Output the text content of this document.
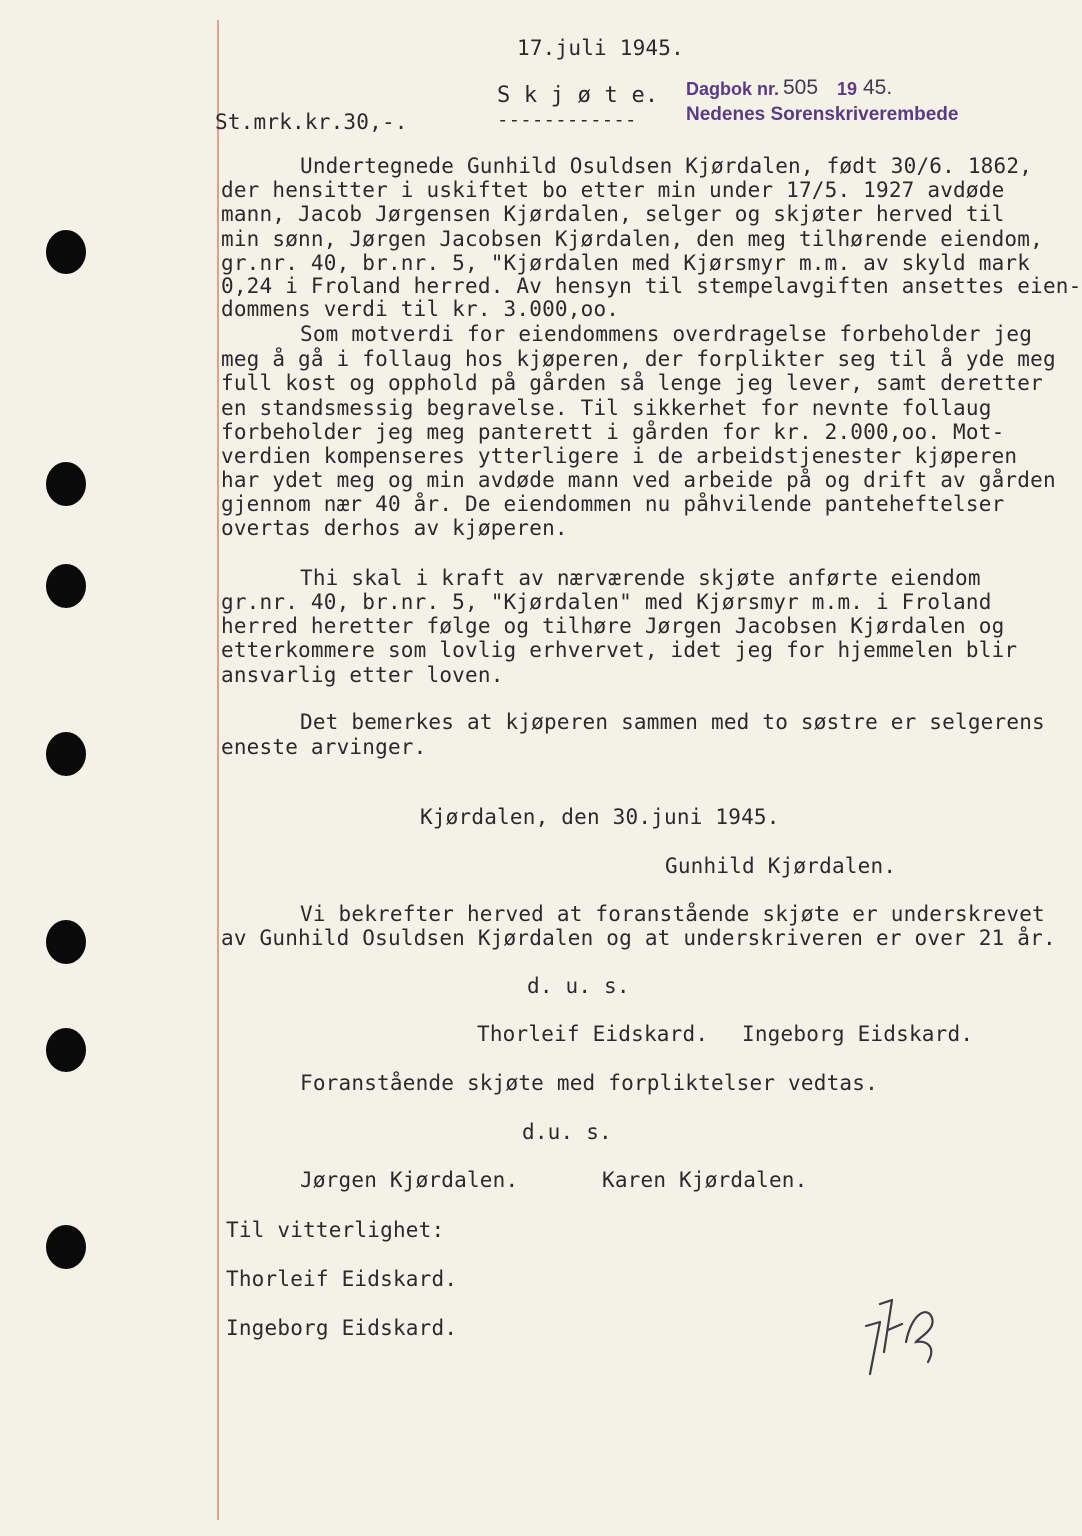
17.juli 1945.
S k j ø t e.
------------
St.mrk.kr.30,-.
Dagbok nr. 505 19 45.
Nedenes Sorenskriverembede
Undertegnede Gunhild Osuldsen Kjørdalen, født 30/6. 1862,
der hensitter i uskiftet bo etter min under 17/5. 1927 avdøde
mann, Jacob Jørgensen Kjørdalen, selger og skjøter herved til
min sønn, Jørgen Jacobsen Kjørdalen, den meg tilhørende eiendom,
gr.nr. 40, br.nr. 5, "Kjørdalen med Kjørsmyr m.m. av skyld mark
0,24 i Froland herred. Av hensyn til stempelavgiften ansettes eien-
dommens verdi til kr. 3.000,oo.
Som motverdi for eiendommens overdragelse forbeholder jeg
meg å gå i follaug hos kjøperen, der forplikter seg til å yde meg
full kost og opphold på gården så lenge jeg lever, samt deretter
en standsmessig begravelse. Til sikkerhet for nevnte follaug
forbeholder jeg meg panterett i gården for kr. 2.000,oo. Mot-
verdien kompenseres ytterligere i de arbeidstjenester kjøperen
har ydet meg og min avdøde mann ved arbeide på og drift av gården
gjennom nær 40 år. De eiendommen nu påhvilende panteheftelser
overtas derhos av kjøperen.
Thi skal i kraft av nærværende skjøte anførte eiendom
gr.nr. 40, br.nr. 5, "Kjørdalen" med Kjørsmyr m.m. i Froland
herred heretter følge og tilhøre Jørgen Jacobsen Kjørdalen og
etterkommere som lovlig erhvervet, idet jeg for hjemmelen blir
ansvarlig etter loven.
Det bemerkes at kjøperen sammen med to søstre er selgerens
eneste arvinger.
Kjørdalen, den 30.juni 1945.
Gunhild Kjørdalen.
Vi bekrefter herved at foranstående skjøte er underskrevet
av Gunhild Osuldsen Kjørdalen og at underskriveren er over 21 år.
d. u. s.
Thorleif Eidskard. Ingeborg Eidskard.
Foranstående skjøte med forpliktelser vedtas.
d.u. s.
Jørgen Kjørdalen.	Karen Kjørdalen.
Til vitterlighet:
Thorleif Eidskard.
Ingeborg Eidskard.
